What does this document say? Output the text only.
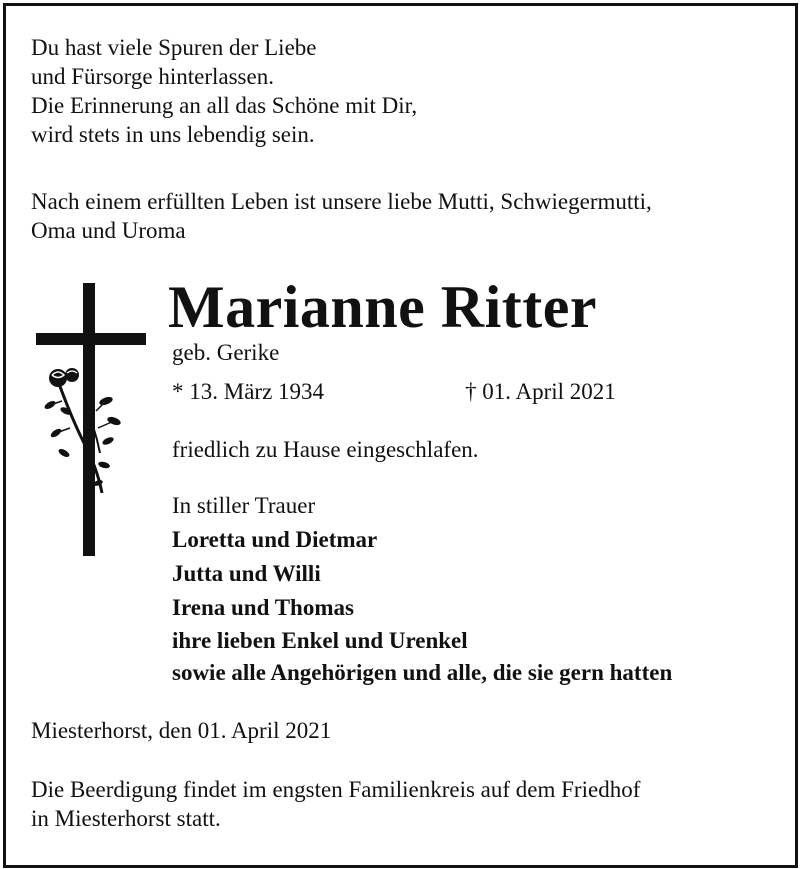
Du hast viele Spuren der Liebe
und Fürsorge hinterlassen.
Die Erinnerung an all das Schöne mit Dir,
wird stets in uns lebendig sein.
Nach einem erfüllten Leben ist unsere liebe Mutti, Schwiegermutti,
Oma und Uroma
Marianne Ritter
geb. Gerike
* 13. März 1934	† 01. April 2021
friedlich zu Hause eingeschlafen.
In stiller Trauer
Loretta und Dietmar
Jutta und Willi
Irena und Thomas
ihre lieben Enkel und Urenkel
sowie alle Angehörigen und alle, die sie gern hatten
Miesterhorst, den 01. April 2021
Die Beerdigung findet im engsten Familienkreis auf dem Friedhof
in Miesterhorst statt.
